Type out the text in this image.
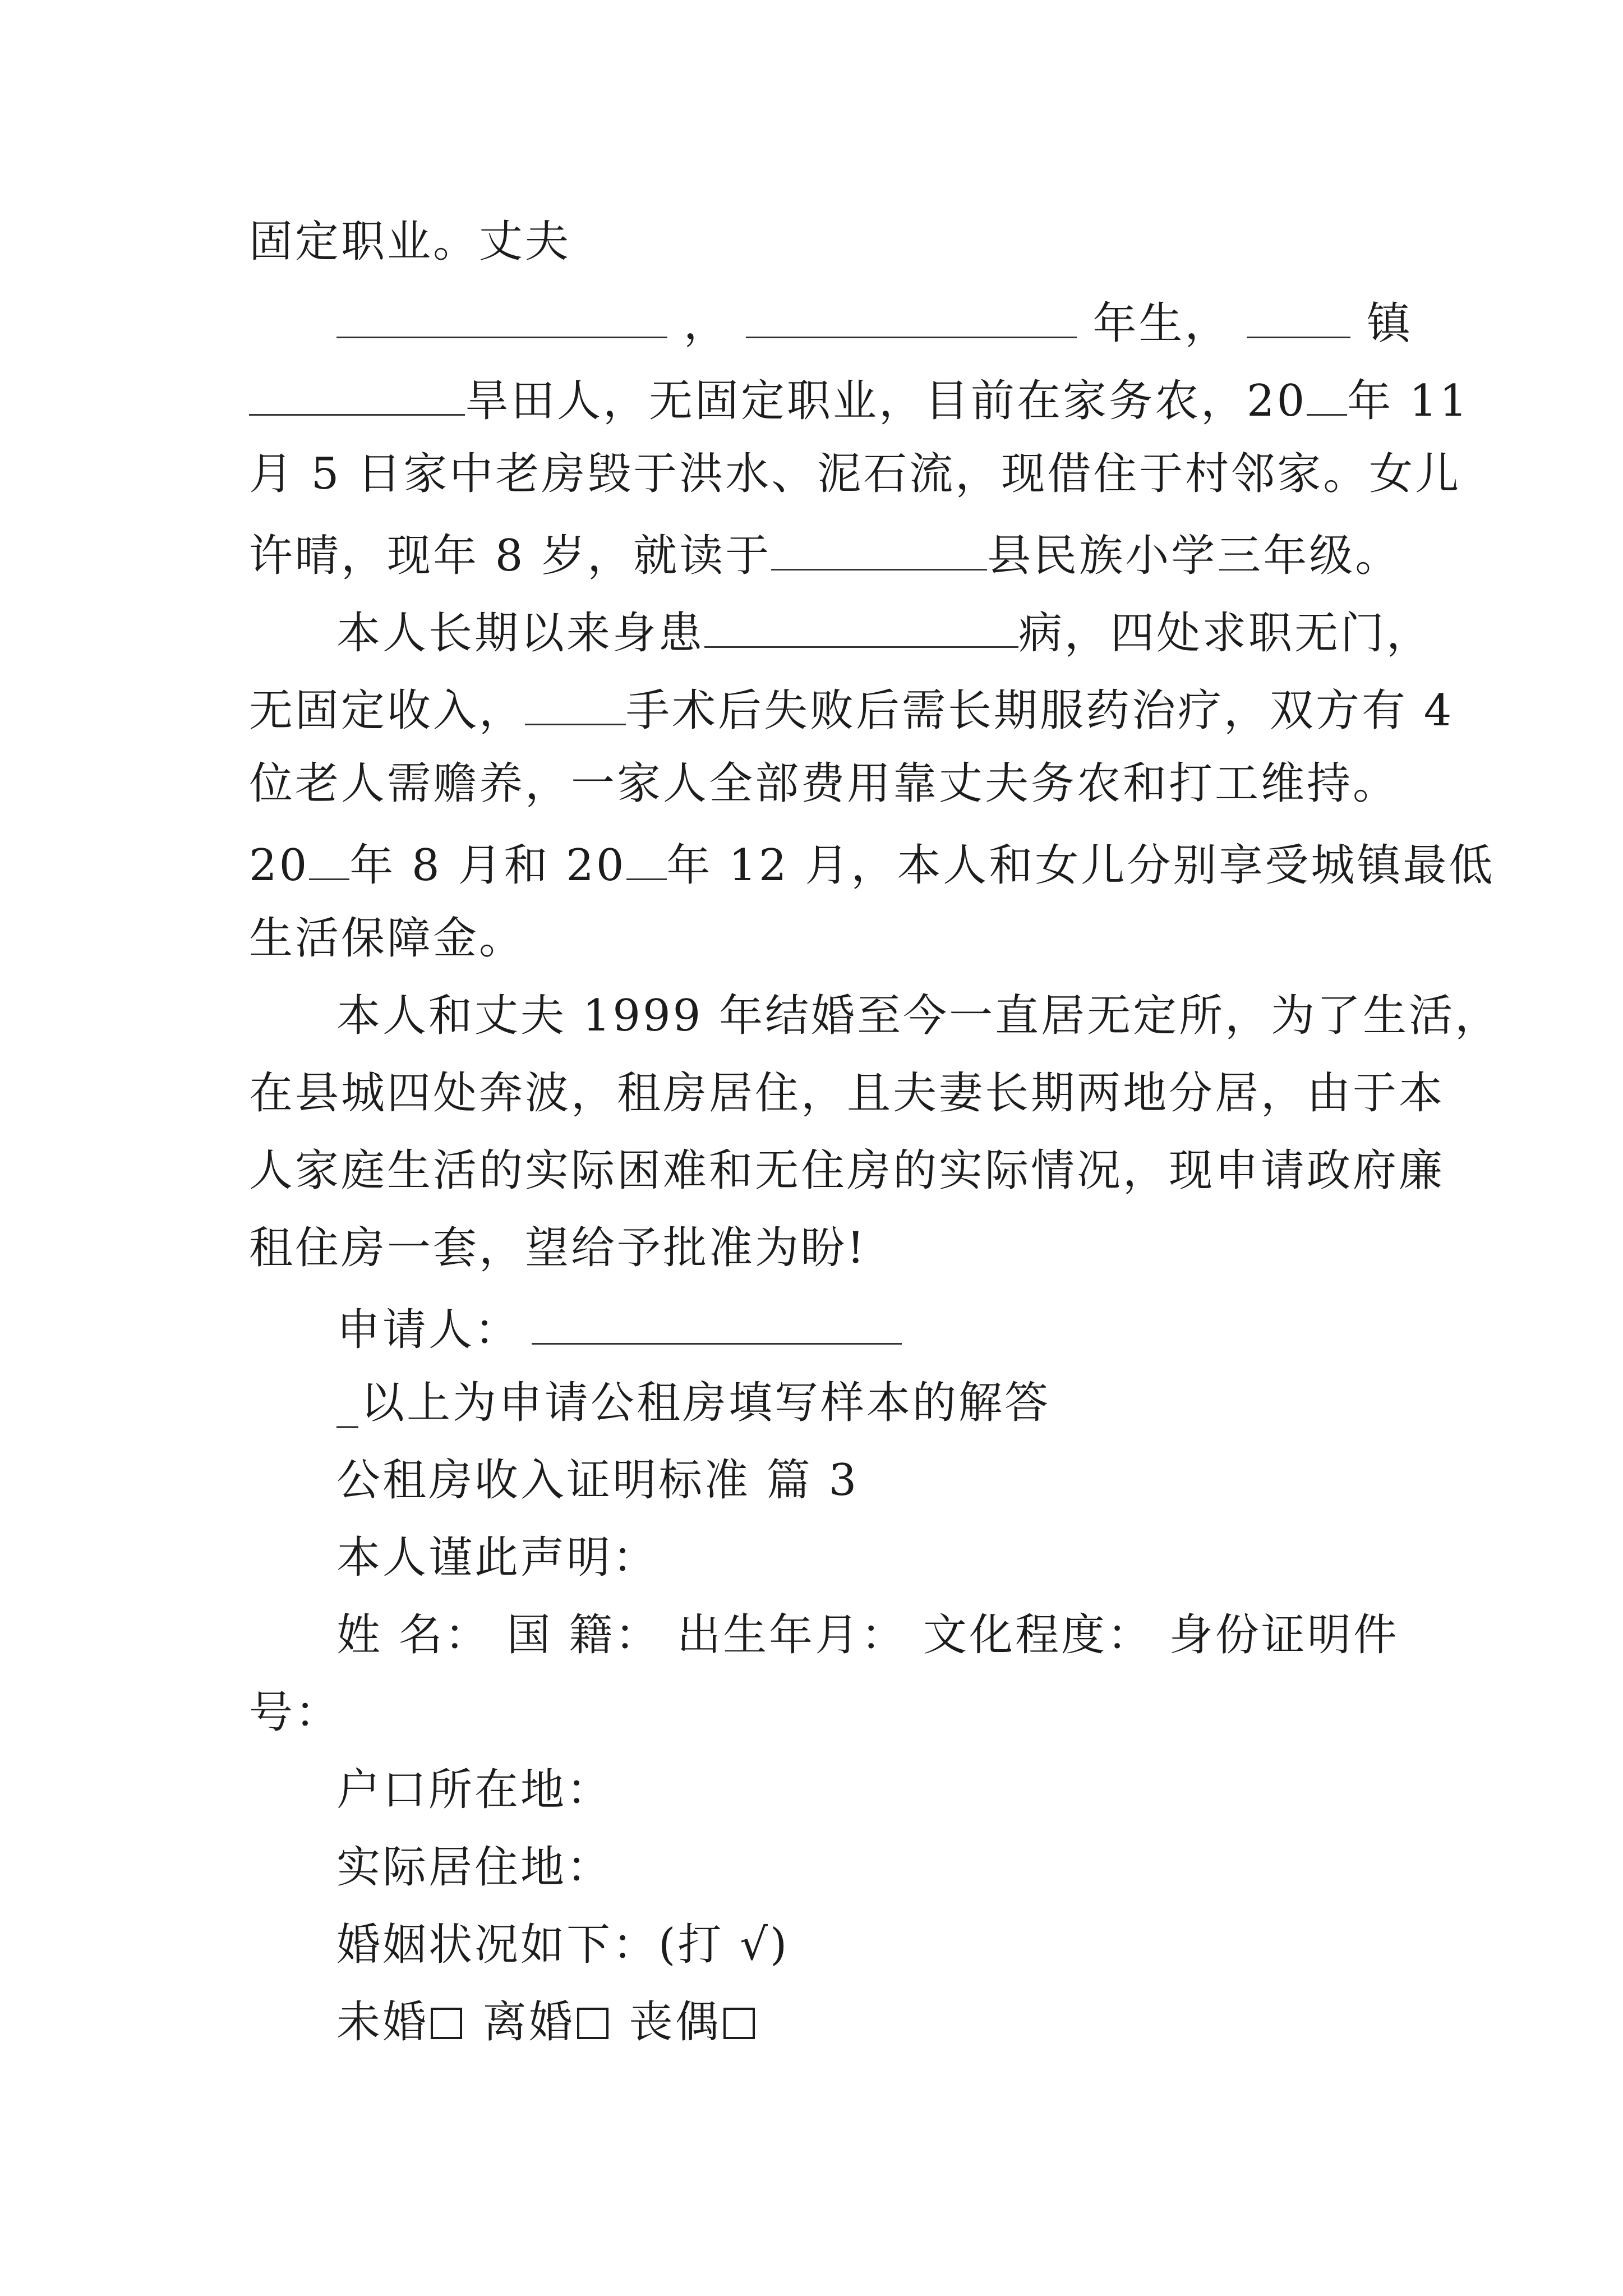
固定职业。丈夫
，	年生，	镇
旱田人，无固定职业，目前在家务农，20 年 11
月 5 日家中老房毁于洪水、泥石流，现借住于村邻家。女儿
许晴，现年 8 岁，就读于	县民族小学三年级。
本人长期以来身患	病，四处求职无门，
无固定收入， 手术后失败后需长期服药治疗，双方有 4
位老人需赡养，一家人全部费用靠丈夫务农和打工维持。
20 年 8 月和 20 年 12 月，本人和女儿分别享受城镇最低
生活保障金。
本人和丈夫 1999 年结婚至今一直居无定所，为了生活，
在县城四处奔波，租房居住，且夫妻长期两地分居，由于本
人家庭生活的实际困难和无住房的实际情况，现申请政府廉
租住房一套，望给予批准为盼!
申请人：
_以上为申请公租房填写样本的解答
公租房收入证明标准 篇 3
本人谨此声明：
姓 名： 国 籍： 出生年月： 文化程度： 身份证明件
号：
户口所在地：
实际居住地：
婚姻状况如下：(打 √)
未婚 离婚 丧偶
